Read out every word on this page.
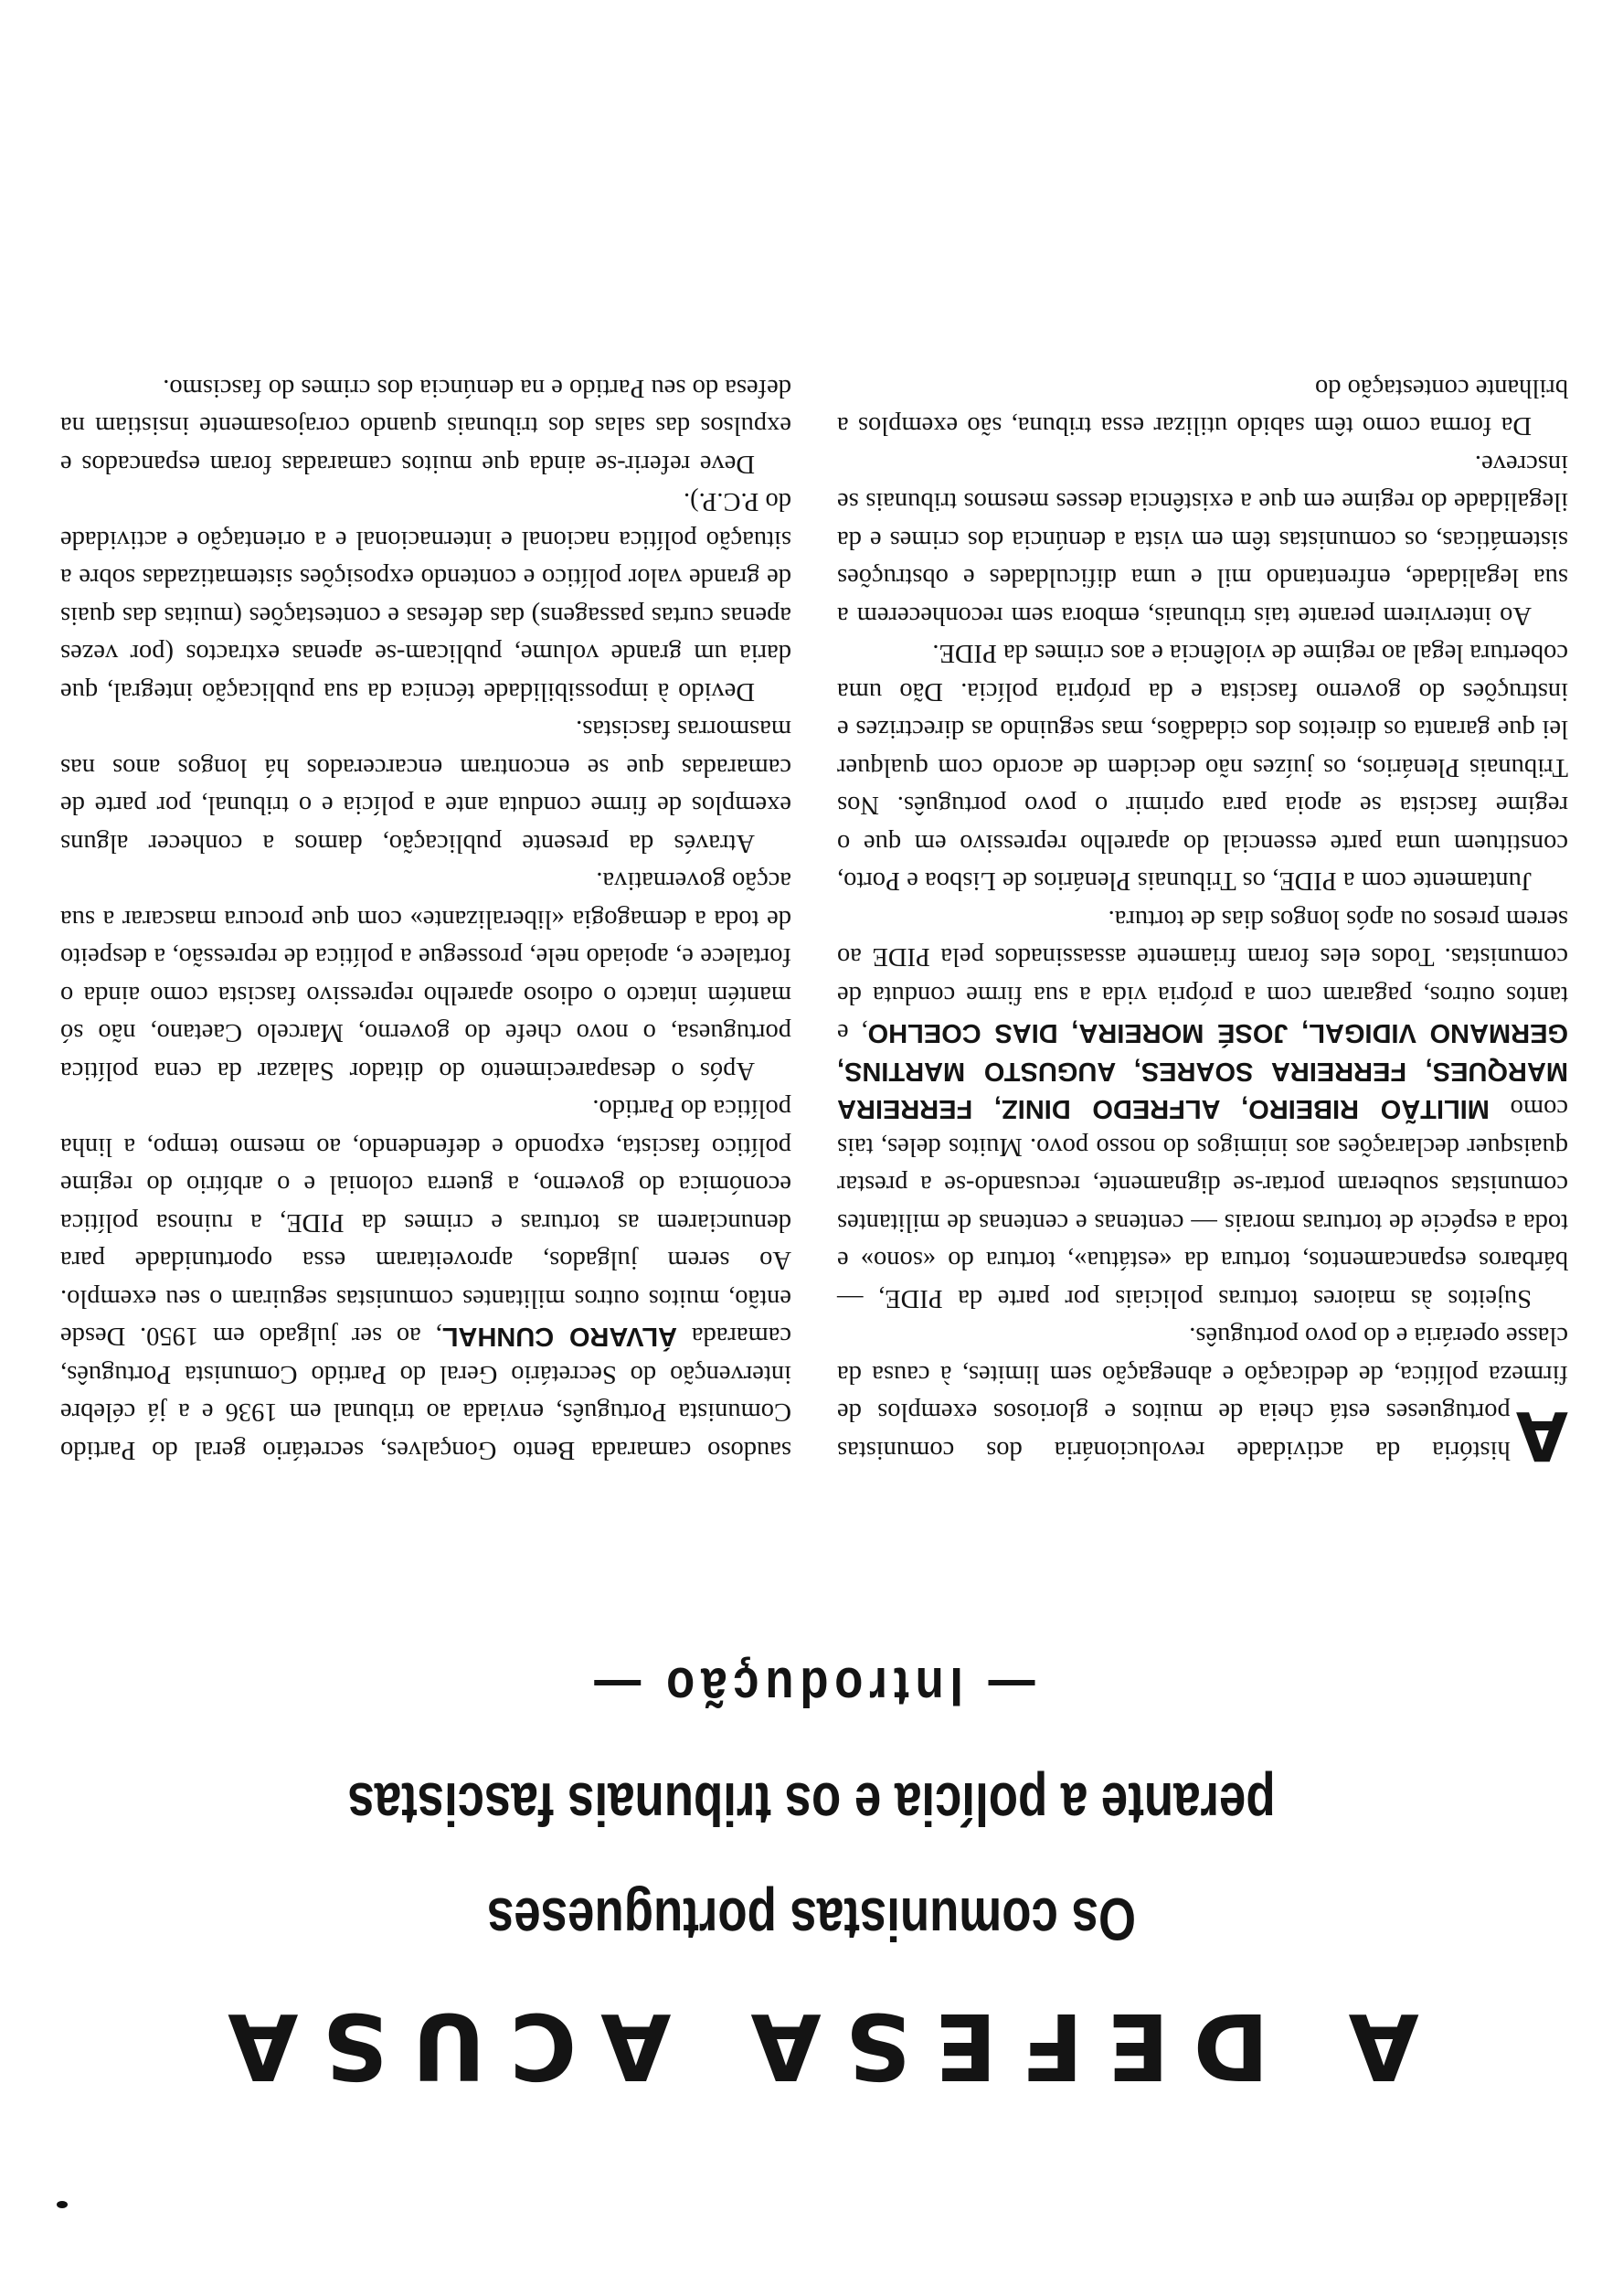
A DEFESA ACUSA
Os comunistas portugueses
perante a polícia e os tribunais fascistas
— Introdução —

A
história da actividade revolucionária dos comunistas portugueses está cheia de muitos e gloriosos exemplos de firmeza política, de dedicação e abnegação sem limites, à causa da classe operária e do povo português.

Sujeitos às maiores torturas policiais por parte da PIDE, — bárbaros espancamentos, tortura da «estátua», tortura do «sono» e toda a espécie de torturas morais — centenas e centenas de militantes comunistas souberam portar-se dignamente, recusando-se a prestar quaisquer declarações aos inimigos do nosso povo. Muitos deles, tais como MILITÃO RIBEIRO, ALFREDO DINIZ, FERREIRA MARQUES, FERREIRA SOARES, AUGUSTO MARTINS, GERMANO VIDIGAL, JOSÉ MOREIRA, DIAS COELHO, e tantos outros, pagaram com a própria vida a sua firme conduta de comunistas. Todos eles foram friamente assassinados pela PIDE ao serem presos ou após longos dias de tortura.

Juntamente com a PIDE, os Tribunais Plenários de Lisboa e Porto, constituem uma parte essencial do aparelho repressivo em que o regime fascista se apoia para oprimir o povo português. Nos Tribunais Plenários, os juízes não decidem de acordo com qualquer lei que garanta os direitos dos cidadãos, mas seguindo as directrizes e instruções do governo fascista e da própria polícia. Dão uma cobertura legal ao regime de violência e aos crimes da PIDE.

Ao intervirem perante tais tribunais, embora sem reconhecerem a sua legalidade, enfrentando mil e uma dificuldades e obstruções sistemáticas, os comunistas têm em vista a denúncia dos crimes e da ilegalidade do regime em que a existência desses mesmos tribunais se inscreve.

Da forma como têm sabido utilizar essa tribuna, são exemplos a brilhante contestação do

saudoso camarada Bento Gonçalves, secretário geral do Partido Comunista Português, enviada ao tribunal em 1936 e a já célebre intervenção do Secretário Geral do Partido Comunista Português, camarada ÁLVARO CUNHAL, ao ser julgado em 1950. Desde então, muitos outros militantes comunistas seguiram o seu exemplo. Ao serem julgados, aproveitaram essa oportunidade para denunciarem as torturas e crimes da PIDE, a ruinosa política económica do governo, a guerra colonial e o arbítrio do regime político fascista, expondo e defendendo, ao mesmo tempo, a linha política do Partido.

Após o desaparecimento do ditador Salazar da cena política portuguesa, o novo chefe do governo, Marcelo Caetano, não só mantém intacto o odioso aparelho repressivo fascista como ainda o fortalece e, apoiado nele, prossegue a política de repressão, a despeito de toda a demagogia «liberalizante» com que procura mascarar a sua acção governativa.

Através da presente publicação, damos a conhecer alguns exemplos de firme conduta ante a polícia e o tribunal, por parte de camaradas que se encontram encarcerados há longos anos nas masmorras fascistas.

Devido à impossibilidade técnica da sua publicação integral, que daria um grande volume, publicam-se apenas extractos (por vezes apenas curtas passagens) das defesas e contestações (muitas das quais de grande valor político e contendo exposições sistematizadas sobre a situação política nacional e internacional e a orientação e actividade do P.C.P.).

Deve referir-se ainda que muitos camaradas foram espancados e expulsos das salas dos tribunais quando corajosamente insistiam na defesa do seu Partido e na denúncia dos crimes do fascismo.
